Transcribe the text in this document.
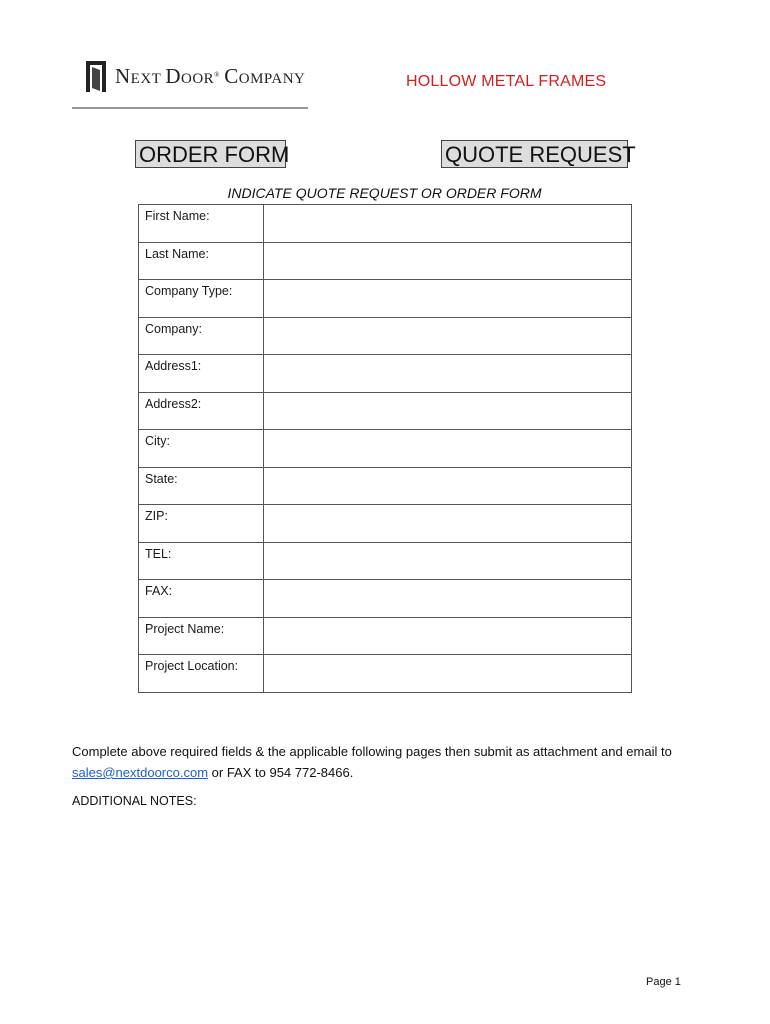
NEXT DOOR® COMPANY	HOLLOW METAL FRAMES
ORDER FORM	QUOTE REQUEST
INDICATE QUOTE REQUEST OR ORDER FORM
First Name:	
Last Name:	
Company Type:	
Company:	
Address1:	
Address2:	
City:	
State:	
ZIP:	
TEL:	
FAX:	
Project Name:	
Project Location:	
Complete above required fields & the applicable following pages then submit as attachment and email to sales@nextdoorco.com or FAX to 954 772-8466.
ADDITIONAL NOTES:
Page 1
